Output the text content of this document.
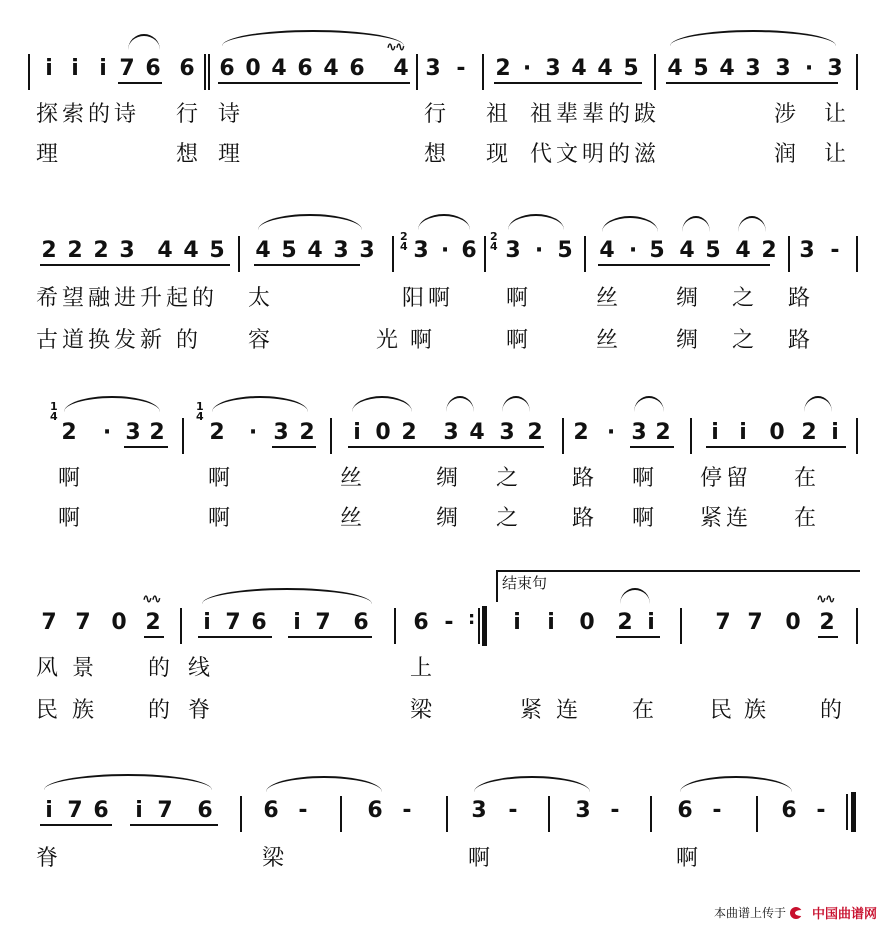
i i i 7 6 6 6 0 4 6 4 6 4
∿∿
3 - 2 · 3 4 4 5 4 5 4 3 3 · 3
探 索 的 诗 行 诗	行 祖 祖 辈 辈 的 跋	涉 让
理	想 理	想 现 代 文 明 的 滋	润 让
2 2 2 3 4 4 5 4 5 4 3 3
2
4 3 · 6
2
4 3 · 5 4 · 5 4 5 4 2 3 -
希 望 融 进 升 起 的 太	阳 啊 啊	丝	绸 之 路
古 道 换 发 新 的 容	光 啊	啊	丝	绸 之 路
1
4
2 · 3 2
1
4
2 · 3 2 i 0 2 3 4 3 2 2 · 3 2 i i 0 2 i
啊	啊	丝	绸 之 路 啊 停 留 在
啊	啊	丝	绸 之 路 啊 紧 连 在
7 7 0 2
∿∿
i 7 6 i 7 6 6 - :
结束句
i i 0 2 i	7 7 0 2
∿∿
风 景 的 线	上
民 族 的 脊	梁	紧 连 在 民 族 的
i 7 6 i 7 6 6 -	6 -	3 -	3 -	6 -	6 -
脊	梁	啊	啊
本曲谱上传于 中国曲谱网
